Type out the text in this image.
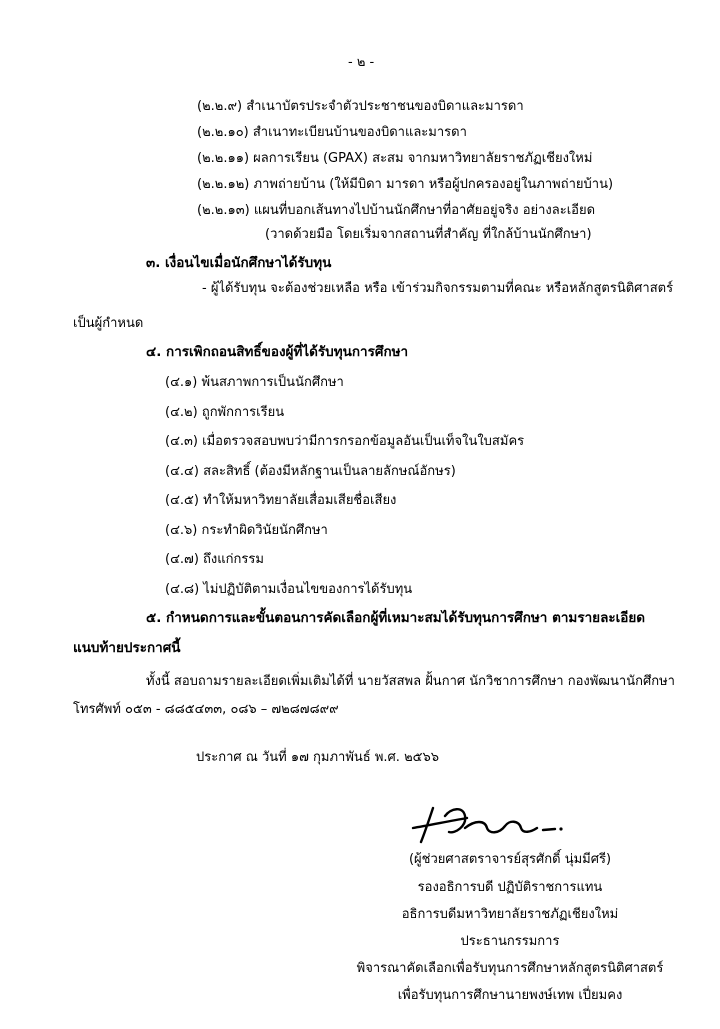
- ๒ -
(๒.๒.๙) สำเนาบัตรประจำตัวประชาชนของบิดาและมารดา
(๒.๒.๑๐) สำเนาทะเบียนบ้านของบิดาและมารดา
(๒.๒.๑๑) ผลการเรียน (GPAX) สะสม จากมหาวิทยาลัยราชภัฏเชียงใหม่
(๒.๒.๑๒) ภาพถ่ายบ้าน (ให้มีบิดา มารดา หรือผู้ปกครองอยู่ในภาพถ่ายบ้าน)
(๒.๒.๑๓) แผนที่บอกเส้นทางไปบ้านนักศึกษาที่อาศัยอยู่จริง อย่างละเอียด
(วาดด้วยมือ โดยเริ่มจากสถานที่สำคัญ ที่ใกล้บ้านนักศึกษา)
๓. เงื่อนไขเมื่อนักศึกษาได้รับทุน
- ผู้ได้รับทุน จะต้องช่วยเหลือ หรือ เข้าร่วมกิจกรรมตามที่คณะ หรือหลักสูตรนิติศาสตร์
เป็นผู้กำหนด
๔. การเพิกถอนสิทธิ์ของผู้ที่ได้รับทุนการศึกษา
(๔.๑) พ้นสภาพการเป็นนักศึกษา
(๔.๒) ถูกพักการเรียน
(๔.๓) เมื่อตรวจสอบพบว่ามีการกรอกข้อมูลอันเป็นเท็จในใบสมัคร
(๔.๔) สละสิทธิ์ (ต้องมีหลักฐานเป็นลายลักษณ์อักษร)
(๔.๕) ทำให้มหาวิทยาลัยเสื่อมเสียชื่อเสียง
(๔.๖) กระทำผิดวินัยนักศึกษา
(๔.๗) ถึงแก่กรรม
(๔.๘) ไม่ปฏิบัติตามเงื่อนไขของการได้รับทุน
๕. กำหนดการและขั้นตอนการคัดเลือกผู้ที่เหมาะสมได้รับทุนการศึกษา ตามรายละเอียด
แนบท้ายประกาศนี้
ทั้งนี้ สอบถามรายละเอียดเพิ่มเติมได้ที่ นายวัสสพล ฝั้นกาศ นักวิชาการศึกษา กองพัฒนานักศึกษา
โทรศัพท์ ๐๕๓ - ๘๘๕๔๓๓, ๐๘๖ – ๗๒๘๗๘๙๙
ประกาศ ณ วันที่ ๑๗ กุมภาพันธ์ พ.ศ. ๒๕๖๖
(ผู้ช่วยศาสตราจารย์สุรศักดิ์ นุ่มมีศรี)
รองอธิการบดี ปฏิบัติราชการแทน
อธิการบดีมหาวิทยาลัยราชภัฏเชียงใหม่
ประธานกรรมการ
พิจารณาคัดเลือกเพื่อรับทุนการศึกษาหลักสูตรนิติศาสตร์
เพื่อรับทุนการศึกษานายพงษ์เทพ เปี่ยมคง
